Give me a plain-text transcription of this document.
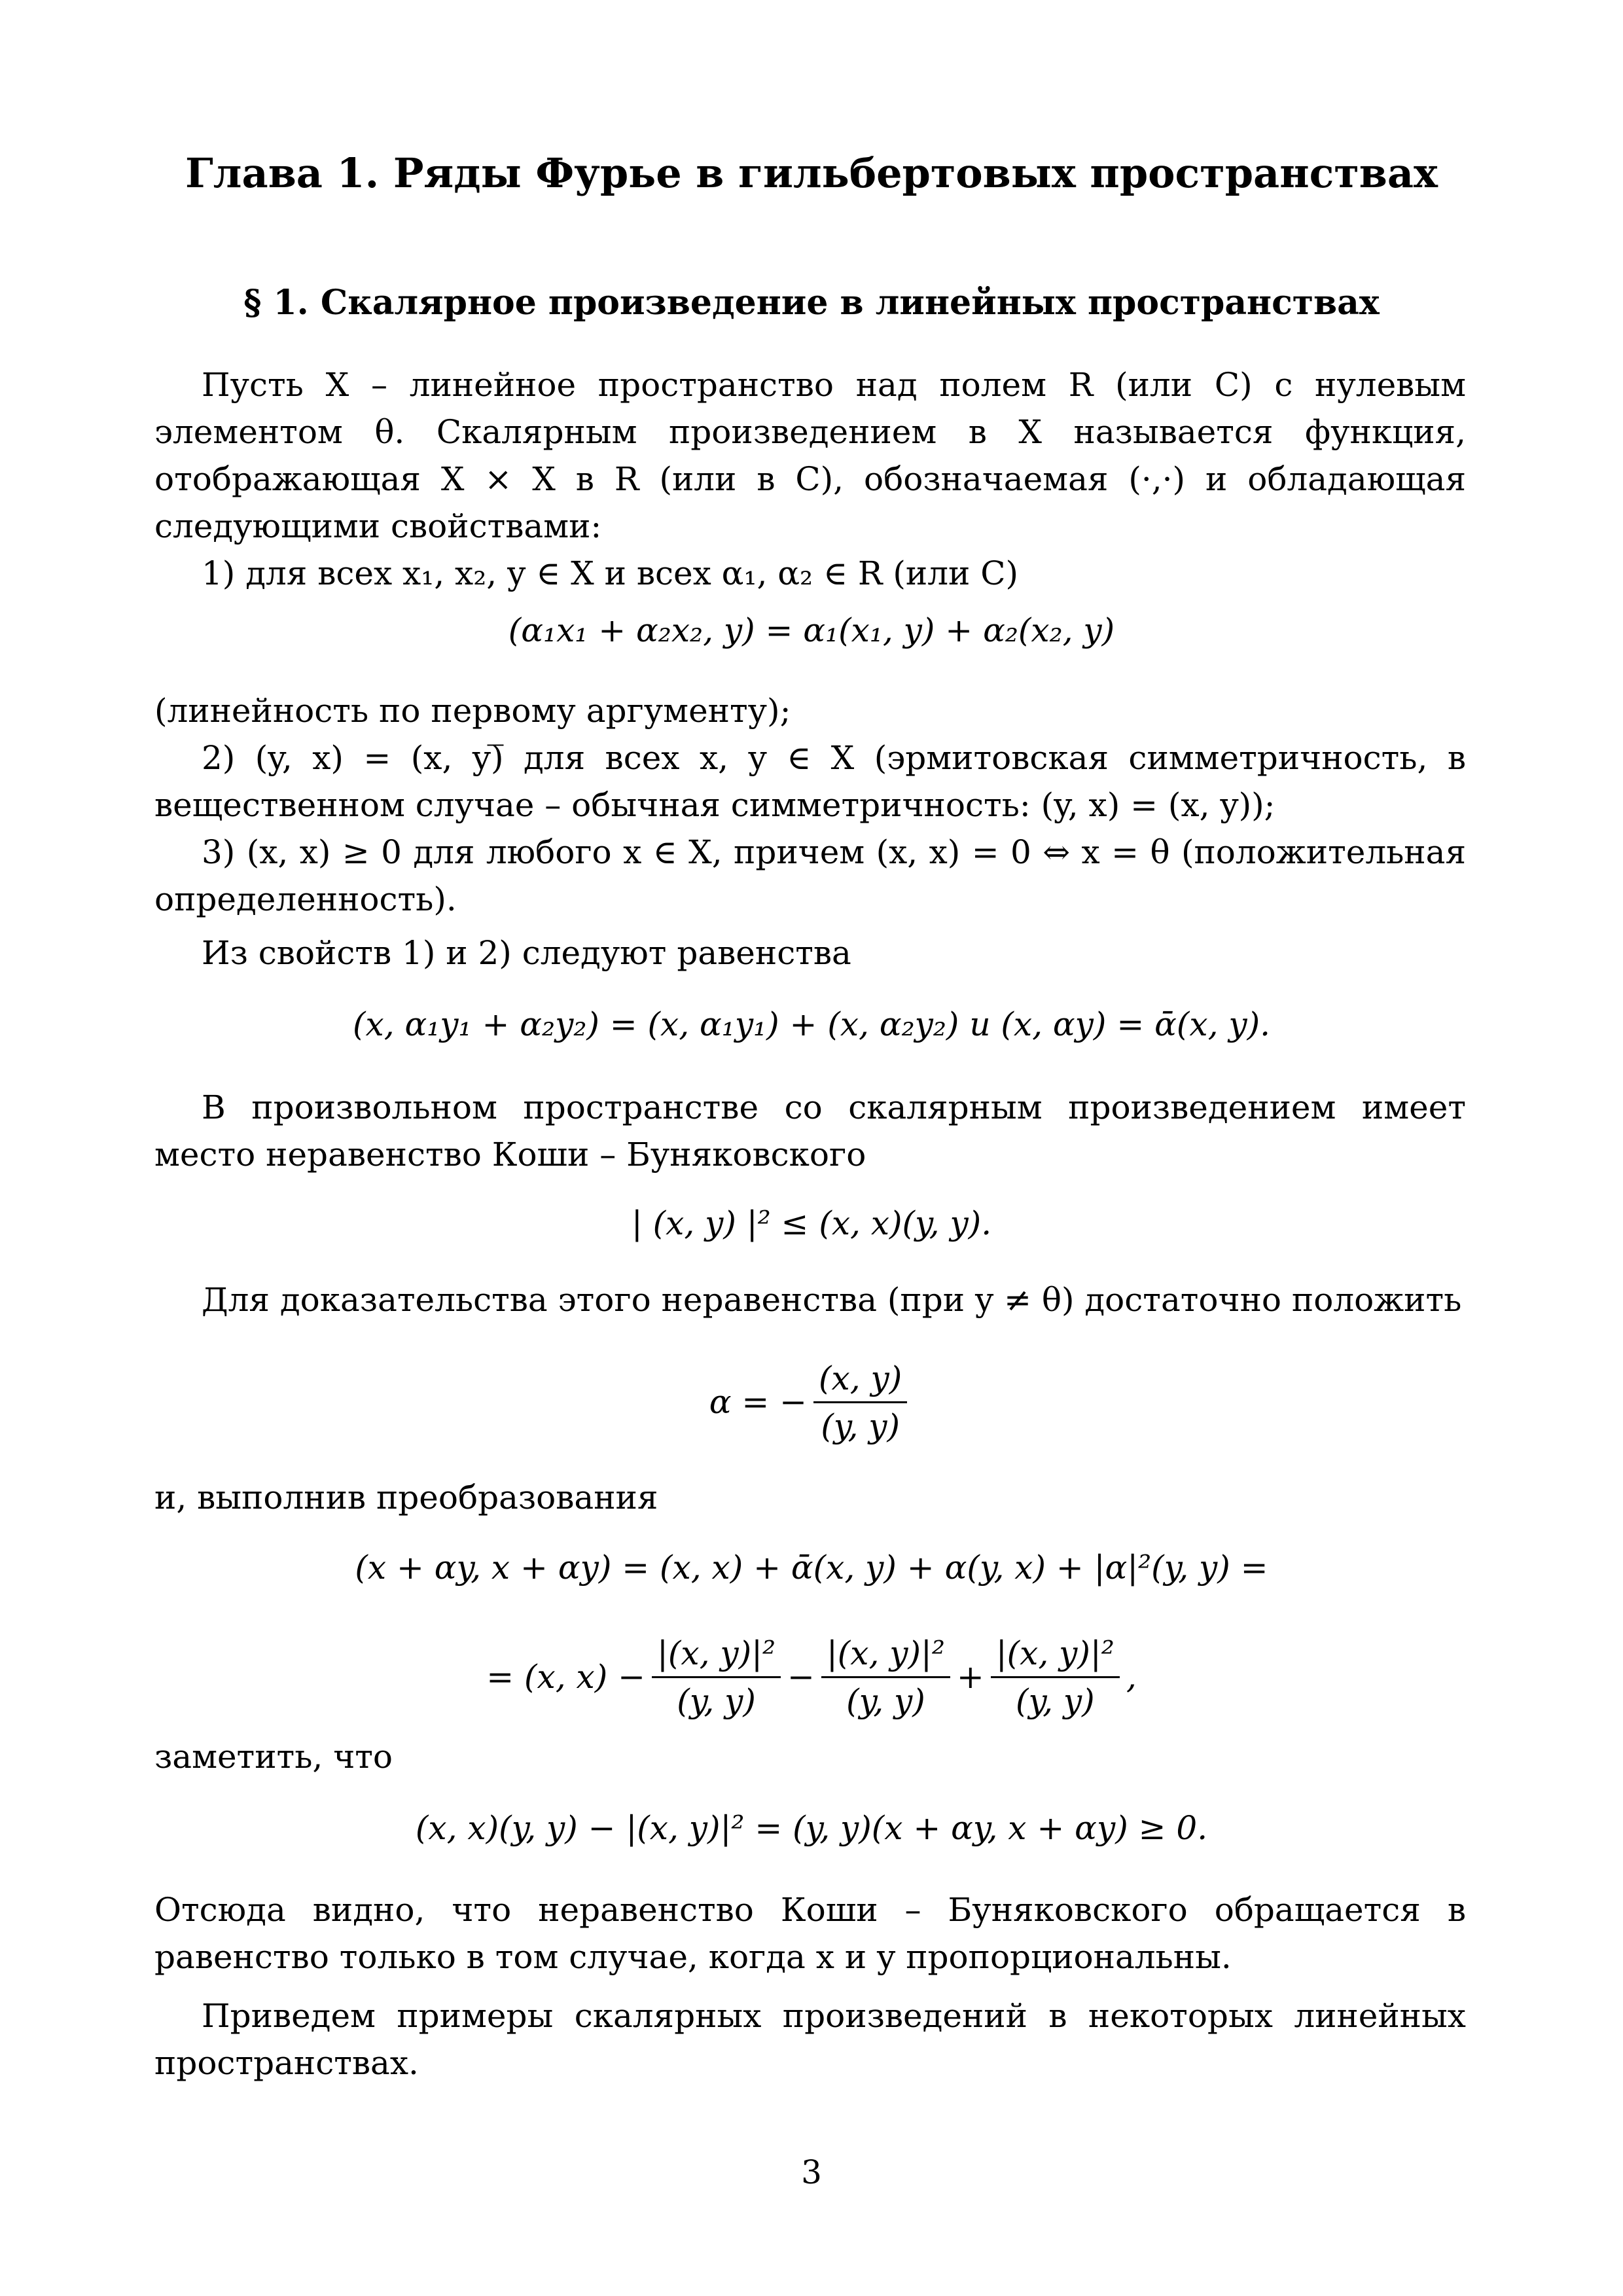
Глава 1. Ряды Фурье в гильбертовых пространствах
§ 1. Скалярное произведение в линейных пространствах
Пусть X – линейное пространство над полем R (или C) с нулевым элементом θ. Скалярным произведением в X называется функция, отображающая X × X в R (или в C), обозначаемая (·,·) и обладающая следующими свойствами:
1) для всех x₁, x₂, y ∈ X и всех α₁, α₂ ∈ R (или C)
(α₁x₁ + α₂x₂, y) = α₁(x₁, y) + α₂(x₂, y)
(линейность по первому аргументу);
2) (y, x) = (x, y)̅ для всех x, y ∈ X (эрмитовская симметричность, в вещественном случае – обычная симметричность: (y, x) = (x, y));
3) (x, x) ≥ 0 для любого x ∈ X, причем (x, x) = 0 ⇔ x = θ (положительная определенность).
Из свойств 1) и 2) следуют равенства
(x, α₁y₁ + α₂y₂) = (x, α₁y₁) + (x, α₂y₂) и (x, αy) = ᾱ(x, y).
В произвольном пространстве со скалярным произведением имеет место неравенство Коши – Буняковского
| (x, y) |² ≤ (x, x)(y, y).
Для доказательства этого неравенства (при y ≠ θ) достаточно положить
α = − $\frac{(x, y)}{(y, y)}$
и, выполнив преобразования
(x + αy, x + αy) = (x, x) + ᾱ(x, y) + α(y, x) + |α|²(y, y) =
= (x, $x) - \frac{\text{|(x, y)|²}}{(y, y)} - \frac{\text{|(x, y)|²}}{(y, y)} + \frac{\text{|(x, y)|²}}{(y, y)}$ ,
заметить, что
(x, x)(y, y) − |(x, y)|² = (y, y)(x + αy, x + αy) ≥ 0.
Отсюда видно, что неравенство Коши – Буняковского обращается в равенство только в том случае, когда x и y пропорциональны.
Приведем примеры скалярных произведений в некоторых линейных пространствах.
3
